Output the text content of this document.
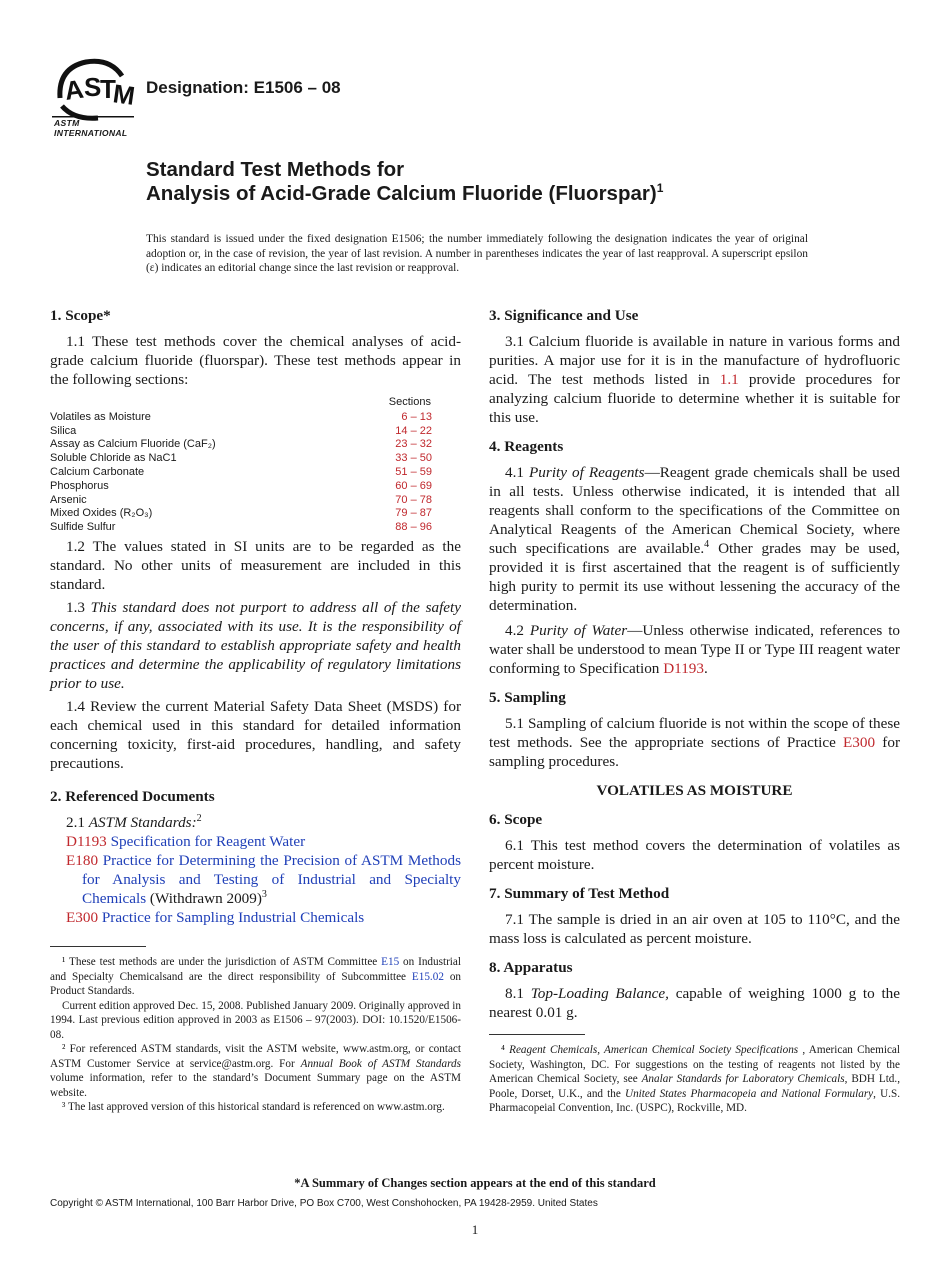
A
S
T
M
ASTM INTERNATIONAL
Designation: E1506 – 08
Standard Test Methods for
Analysis of Acid-Grade Calcium Fluoride (Fluorspar)$^1$
This standard is issued under the fixed designation E1506; the number immediately following the designation indicates the year of original adoption or, in the case of revision, the year of last revision. A number in parentheses indicates the year of last reapproval. A superscript epsilon (ε) indicates an editorial change since the last revision or reapproval.
1. Scope*

1.1 These test methods cover the chemical analyses of acid-grade calcium fluoride (fluorspar). These test methods appear in the following sections:

	Sections
Volatiles as Moisture	6 – 13
Silica	14 – 22
Assay as Calcium Fluoride (CaF₂)	23 – 32
Soluble Chloride as NaC1	33 – 50
Calcium Carbonate	51 – 59
Phosphorus	60 – 69
Arsenic	70 – 78
Mixed Oxides (R₂O₃)	79 – 87
Sulfide Sulfur	88 – 96

1.2 The values stated in SI units are to be regarded as the standard. No other units of measurement are included in this standard.

1.3 This standard does not purport to address all of the safety concerns, if any, associated with its use. It is the responsibility of the user of this standard to establish appropriate safety and health practices and determine the applicability of regulatory limitations prior to use.

1.4 Review the current Material Safety Data Sheet (MSDS) for each chemical used in this standard for detailed information concerning toxicity, first-aid procedures, handling, and safety precautions.

2. Referenced Documents

2.1 ASTM Standards:$^2$

D1193 Specification for Reagent Water
E180 Practice for Determining the Precision of ASTM Methods for Analysis and Testing of Industrial and Specialty Chemicals (Withdrawn 2009)$^3$
E300 Practice for Sampling Industrial Chemicals

¹ These test methods are under the jurisdiction of ASTM Committee E15 on Industrial and Specialty Chemicalsand are the direct responsibility of Subcommittee E15.02 on Product Standards.

Current edition approved Dec. 15, 2008. Published January 2009. Originally approved in 1994. Last previous edition approved in 2003 as E1506 – 97(2003). DOI: 10.1520/E1506-08.

² For referenced ASTM standards, visit the ASTM website, www.astm.org, or contact ASTM Customer Service at service@astm.org. For Annual Book of ASTM Standards volume information, refer to the standard’s Document Summary page on the ASTM website.

³ The last approved version of this historical standard is referenced on www.astm.org.

3. Significance and Use

3.1 Calcium fluoride is available in nature in various forms and purities. A major use for it is in the manufacture of hydrofluoric acid. The test methods listed in 1.1 provide procedures for analyzing calcium fluoride to determine whether it is suitable for this use.

4. Reagents

4.1 Purity of Reagents—Reagent grade chemicals shall be used in all tests. Unless otherwise indicated, it is intended that all reagents shall conform to the specifications of the Committee on Analytical Reagents of the American Chemical Society, where such specifications are available.$^4$ Other grades may be used, provided it is first ascertained that the reagent is of sufficiently high purity to permit its use without lessening the accuracy of the determination.

4.2 Purity of Water—Unless otherwise indicated, references to water shall be understood to mean Type II or Type III reagent water conforming to Specification D1193.

5. Sampling

5.1 Sampling of calcium fluoride is not within the scope of these test methods. See the appropriate sections of Practice E300 for sampling procedures.

VOLATILES AS MOISTURE

6. Scope

6.1 This test method covers the determination of volatiles as percent moisture.

7. Summary of Test Method

7.1 The sample is dried in an air oven at 105 to 110°C, and the mass loss is calculated as percent moisture.

8. Apparatus

8.1 Top-Loading Balance, capable of weighing 1000 g to the nearest 0.01 g.

⁴ Reagent Chemicals, American Chemical Society Specifications , American Chemical Society, Washington, DC. For suggestions on the testing of reagents not listed by the American Chemical Society, see Analar Standards for Laboratory Chemicals, BDH Ltd., Poole, Dorset, U.K., and the United States Pharmacopeia and National Formulary, U.S. Pharmacopeial Convention, Inc. (USPC), Rockville, MD.

*A Summary of Changes section appears at the end of this standard
Copyright © ASTM International, 100 Barr Harbor Drive, PO Box C700, West Conshohocken, PA 19428-2959. United States
1
